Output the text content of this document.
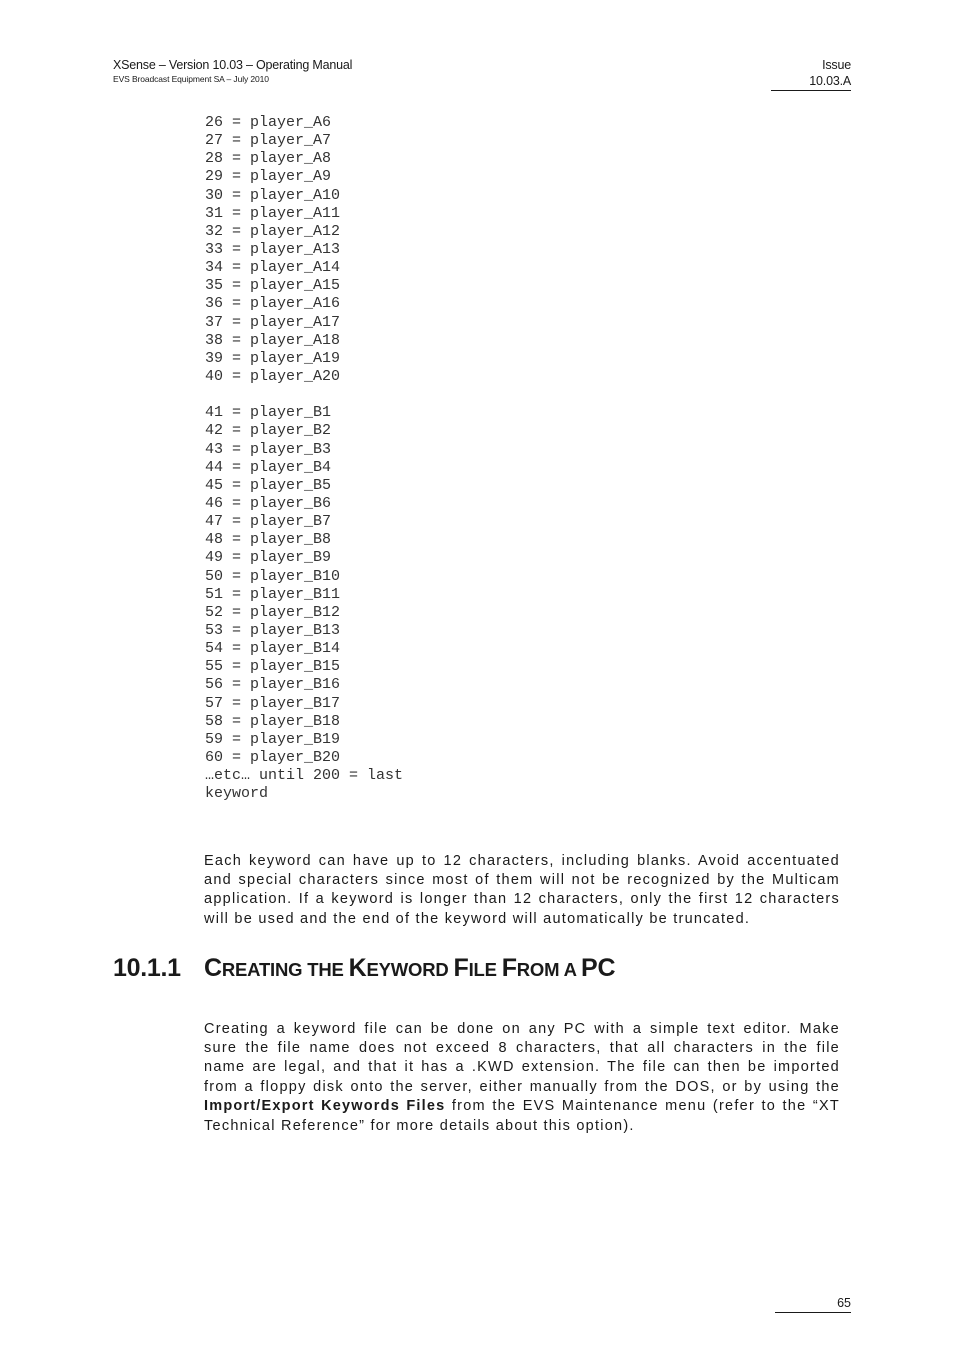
XSense – Version 10.03 – Operating Manual
EVS Broadcast Equipment SA – July 2010
Issue
10.03.A
26 = player_A6
27 = player_A7
28 = player_A8
29 = player_A9
30 = player_A10
31 = player_A11
32 = player_A12
33 = player_A13
34 = player_A14
35 = player_A15
36 = player_A16
37 = player_A17
38 = player_A18
39 = player_A19
40 = player_A20
41 = player_B1
42 = player_B2
43 = player_B3
44 = player_B4
45 = player_B5
46 = player_B6
47 = player_B7
48 = player_B8
49 = player_B9
50 = player_B10
51 = player_B11
52 = player_B12
53 = player_B13
54 = player_B14
55 = player_B15
56 = player_B16
57 = player_B17
58 = player_B18
59 = player_B19
60 = player_B20
…etc… until 200 = last
keyword

Each keyword can have up to 12 characters, including blanks. Avoid accentuated and special characters since most of them will not be recognized by the Multicam application. If a keyword is longer than 12 characters, only the first 12 characters will be used and the end of the keyword will automatically be truncated.

10.1.1 CREATING THE KEYWORD FILE FROM A PC

Creating a keyword file can be done on any PC with a simple text editor. Make sure the file name does not exceed 8 characters, that all characters in the file name are legal, and that it has a .KWD extension. The file can then be imported from a floppy disk onto the server, either manually from the DOS, or by using the Import/Export Keywords Files from the EVS Maintenance menu (refer to the “XT Technical Reference” for more details about this option).

65
